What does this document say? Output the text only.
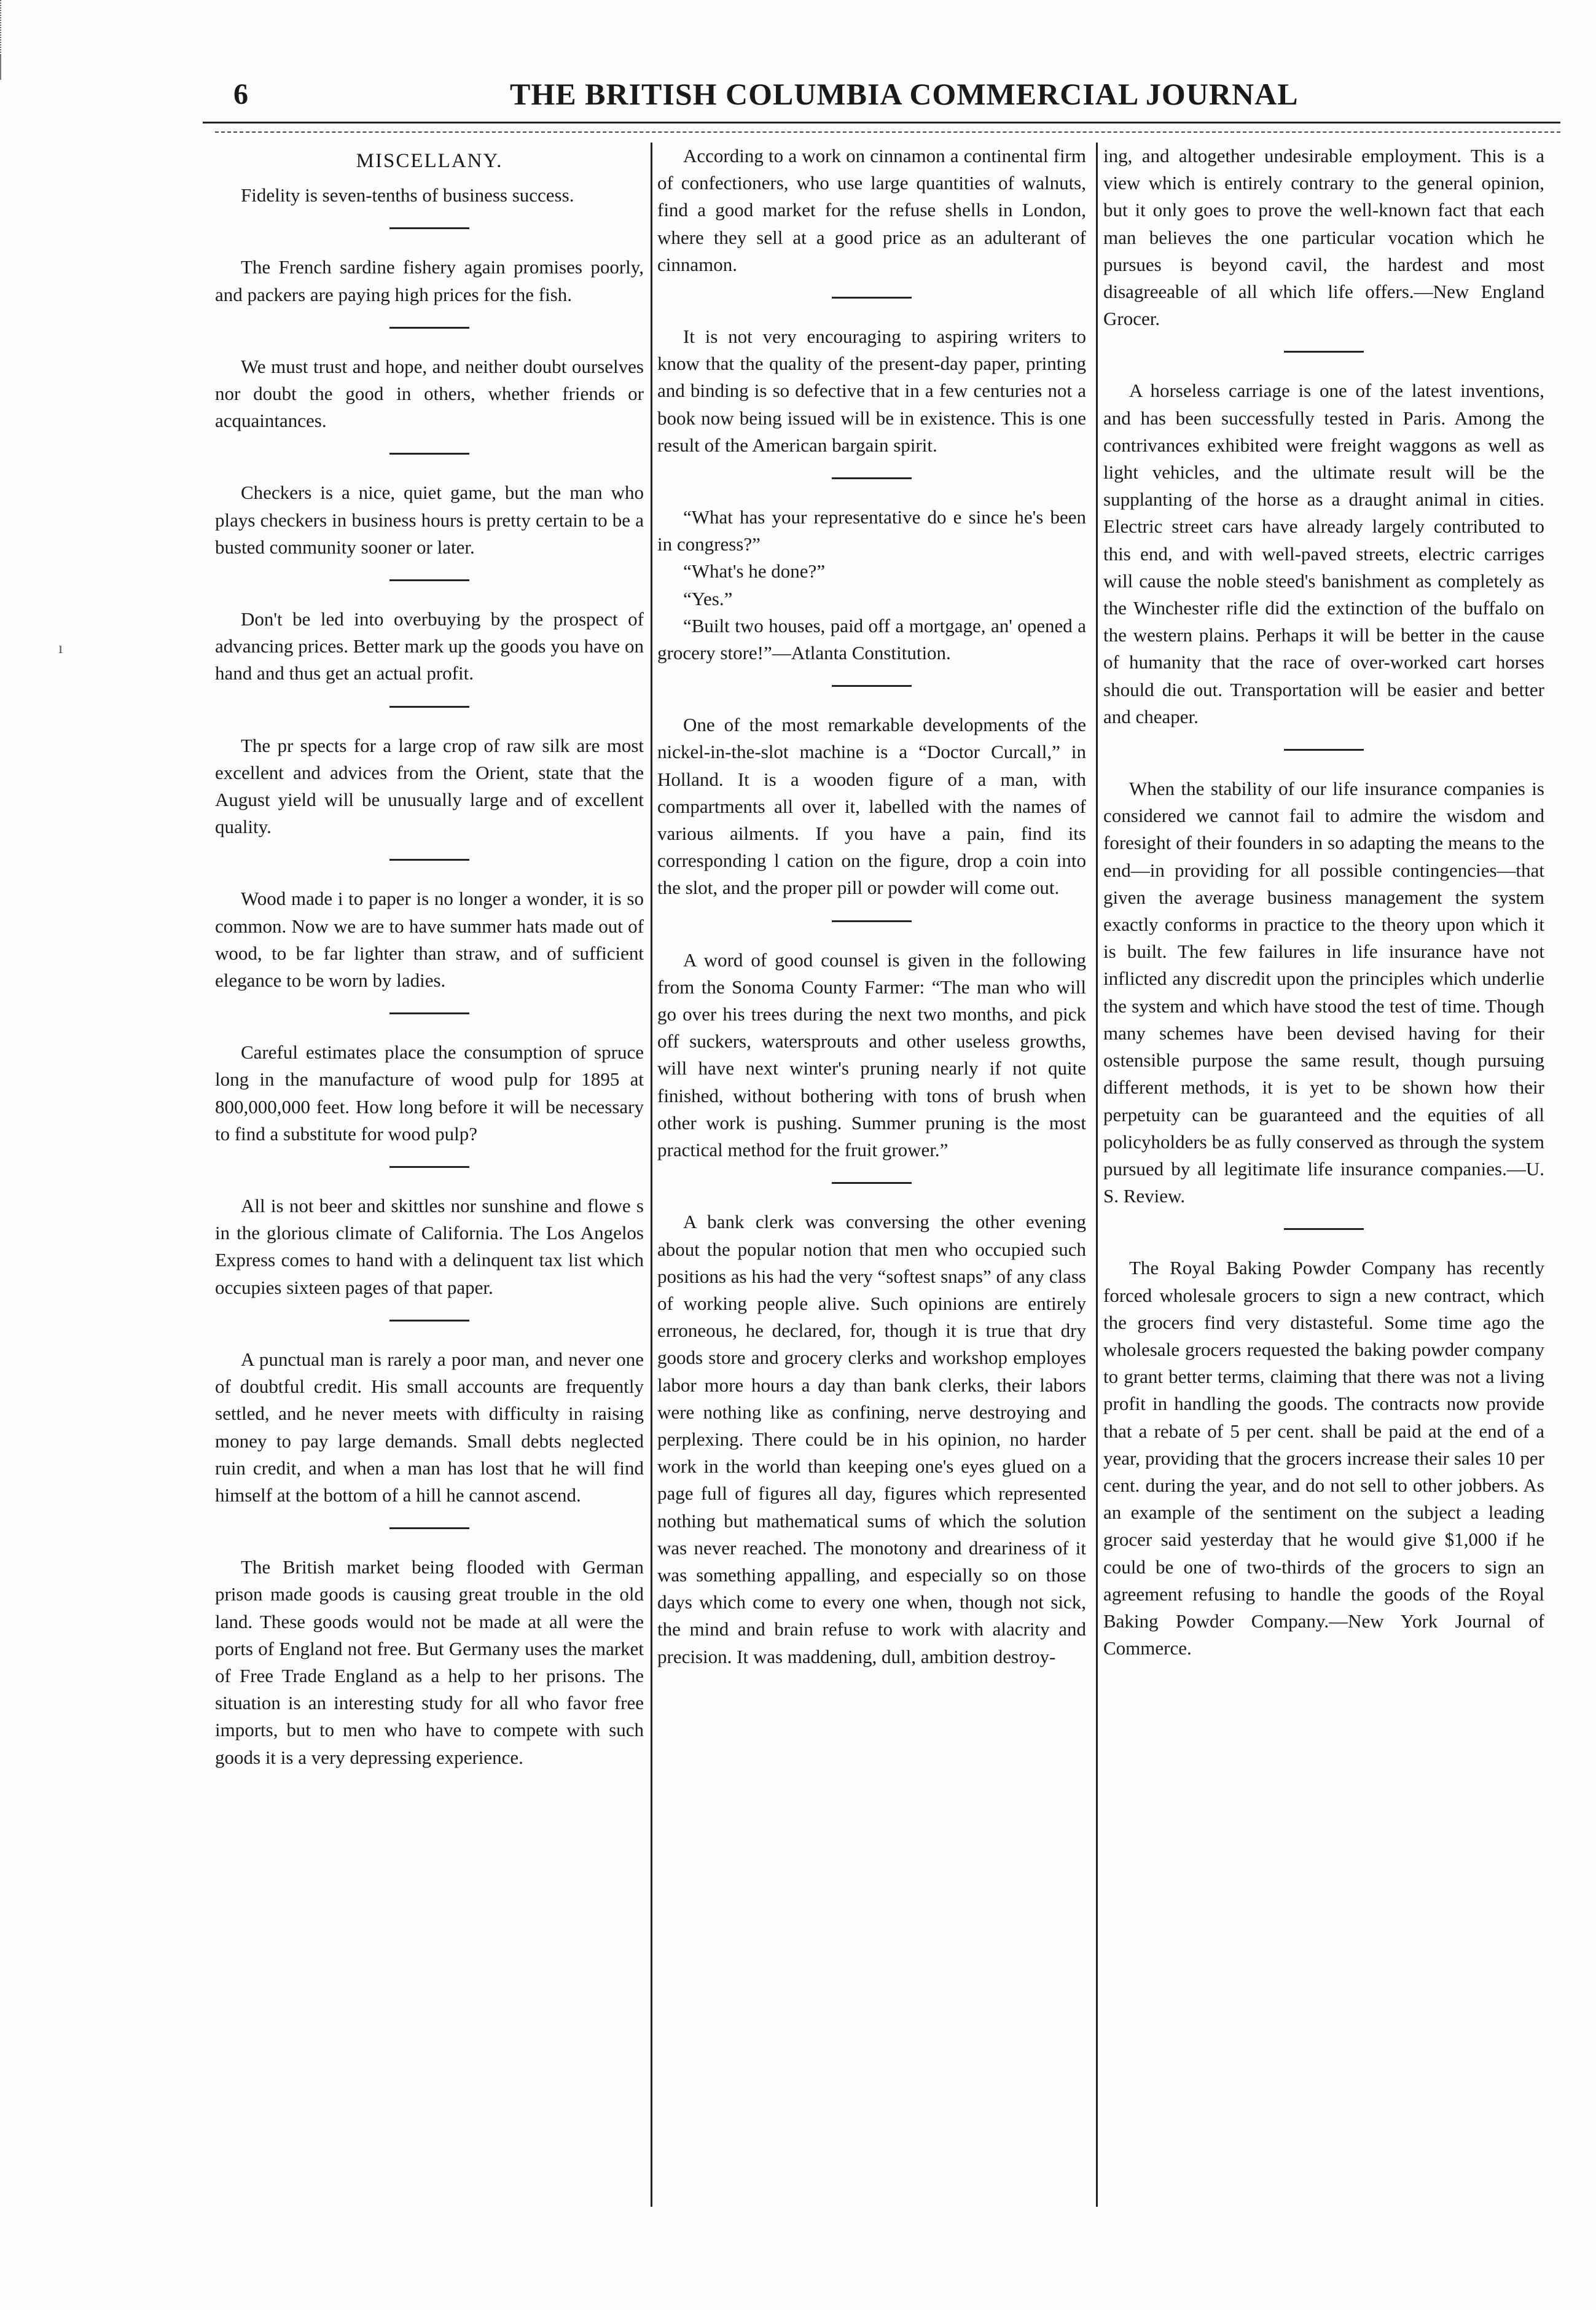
6	THE BRITISH COLUMBIA COMMERCIAL JOURNAL
MISCELLANY.

Fidelity is seven-tenths of business success.

The French sardine fishery again promises poorly, and packers are paying high prices for the fish.

We must trust and hope, and neither doubt ourselves nor doubt the good in others, whether friends or acquaintances.

Checkers is a nice, quiet game, but the man who plays checkers in business hours is pretty certain to be a busted community sooner or later.

Don't be led into overbuying by the prospect of advancing prices. Better mark up the goods you have on hand and thus get an actual profit.

The pr spects for a large crop of raw silk are most excellent and advices from the Orient, state that the August yield will be unusually large and of excellent quality.

Wood made i to paper is no longer a wonder, it is so common. Now we are to have summer hats made out of wood, to be far lighter than straw, and of sufficient elegance to be worn by ladies.

Careful estimates place the consumption of spruce long in the manufacture of wood pulp for 1895 at 800,000,000 feet. How long before it will be necessary to find a substitute for wood pulp?

All is not beer and skittles nor sunshine and flowe s in the glorious climate of California. The Los Angelos Express comes to hand with a delinquent tax list which occupies sixteen pages of that paper.

A punctual man is rarely a poor man, and never one of doubtful credit. His small accounts are frequently settled, and he never meets with difficulty in raising money to pay large demands. Small debts neglected ruin credit, and when a man has lost that he will find himself at the bottom of a hill he cannot ascend.

The British market being flooded with German prison made goods is causing great trouble in the old land. These goods would not be made at all were the ports of England not free. But Germany uses the market of Free Trade England as a help to her prisons. The situation is an interesting study for all who favor free imports, but to men who have to compete with such goods it is a very depressing experience.

According to a work on cinnamon a continental firm of confectioners, who use large quantities of walnuts, find a good market for the refuse shells in London, where they sell at a good price as an adulterant of cinnamon.

It is not very encouraging to aspiring writers to know that the quality of the present-day paper, printing and binding is so defective that in a few centuries not a book now being issued will be in existence. This is one result of the American bargain spirit.

“What has your representative do e since he's been in congress?”

“What's he done?”

“Yes.”

“Built two houses, paid off a mortgage, an' opened a grocery store!”—Atlanta Constitution.

One of the most remarkable developments of the nickel-in-the-slot machine is a “Doctor Curcall,” in Holland. It is a wooden figure of a man, with compartments all over it, labelled with the names of various ailments. If you have a pain, find its corresponding l cation on the figure, drop a coin into the slot, and the proper pill or powder will come out.

A word of good counsel is given in the following from the Sonoma County Farmer: “The man who will go over his trees during the next two months, and pick off suckers, watersprouts and other useless growths, will have next winter's pruning nearly if not quite finished, without bothering with tons of brush when other work is pushing. Summer pruning is the most practical method for the fruit grower.”

A bank clerk was conversing the other evening about the popular notion that men who occupied such positions as his had the very “softest snaps” of any class of working people alive. Such opinions are entirely erroneous, he declared, for, though it is true that dry goods store and grocery clerks and workshop employes labor more hours a day than bank clerks, their labors were nothing like as confining, nerve destroying and perplexing. There could be in his opinion, no harder work in the world than keeping one's eyes glued on a page full of figures all day, figures which represented nothing but mathematical sums of which the solution was never reached. The monotony and dreariness of it was something appalling, and especially so on those days which come to every one when, though not sick, the mind and brain refuse to work with alacrity and precision. It was maddening, dull, ambition destroy-

ing, and altogether undesirable employment. This is a view which is entirely contrary to the general opinion, but it only goes to prove the well-known fact that each man believes the one particular vocation which he pursues is beyond cavil, the hardest and most disagreeable of all which life offers.—New England Grocer.

A horseless carriage is one of the latest inventions, and has been successfully tested in Paris. Among the contrivances exhibited were freight waggons as well as light vehicles, and the ultimate result will be the supplanting of the horse as a draught animal in cities. Electric street cars have already largely contributed to this end, and with well-paved streets, electric carriges will cause the noble steed's banishment as completely as the Winchester rifle did the extinction of the buffalo on the western plains. Perhaps it will be better in the cause of humanity that the race of over-worked cart horses should die out. Transportation will be easier and better and cheaper.

When the stability of our life insurance companies is considered we cannot fail to admire the wisdom and foresight of their founders in so adapting the means to the end—in providing for all possible contingencies—that given the average business management the system exactly conforms in practice to the theory upon which it is built. The few failures in life insurance have not inflicted any discredit upon the principles which underlie the system and which have stood the test of time. Though many schemes have been devised having for their ostensible purpose the same result, though pursuing different methods, it is yet to be shown how their perpetuity can be guaranteed and the equities of all policyholders be as fully conserved as through the system pursued by all legitimate life insurance companies.—U. S. Review.

The Royal Baking Powder Company has recently forced wholesale grocers to sign a new contract, which the grocers find very distasteful. Some time ago the wholesale grocers requested the baking powder company to grant better terms, claiming that there was not a living profit in handling the goods. The contracts now provide that a rebate of 5 per cent. shall be paid at the end of a year, providing that the grocers increase their sales 10 per cent. during the year, and do not sell to other jobbers. As an example of the sentiment on the subject a leading grocer said yesterday that he would give $1,000 if he could be one of two-thirds of the grocers to sign an agreement refusing to handle the goods of the Royal Baking Powder Company.—New York Journal of Commerce.

ı
